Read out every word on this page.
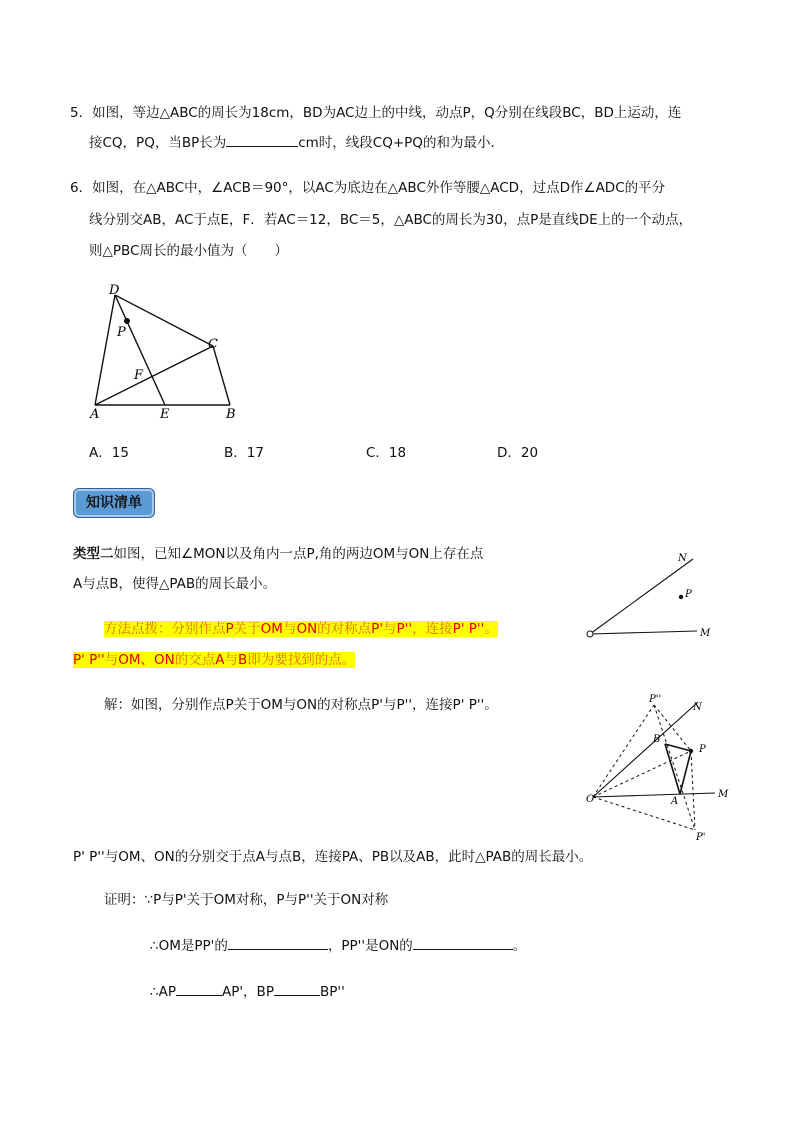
5．如图，等边△ABC的周长为18cm，BD为AC边上的中线，动点P，Q分别在线段BC，BD上运动，连
接CQ，PQ，当BP长为	cm时，线段CQ+PQ的和为最小．
6．如图，在△ABC中，∠ACB＝90°，以AC为底边在△ABC外作等腰△ACD，过点D作∠ADC的平分
线分别交AB，AC于点E，F．若AC＝12，BC＝5，△ABC的周长为30，点P是直线DE上的一个动点，
则△PBC周长的最小值为（　　）
D
P
C
F
A	E	B
A．15	B．17	C．18	D．20
知识清单
类型二如图，已知∠MON以及角内一点P,角的两边OM与ON上存在点
A与点B，使得△PAB的周长最小。
N
P
M
方法点拨：分别作点P关于OM与ON的对称点P'与P''，连接P' P''。
P' P''与OM、ON的交点A与B即为要找到的点。
解：如图，分别作点P关于OM与ON的对称点P'与P''，连接P' P''。	P''
N
B
P
O	A
M
P'
P' P''与OM、ON的分别交于点A与点B，连接PA、PB以及AB，此时△PAB的周长最小。
证明：∵P与P'关于OM对称，P与P''关于ON对称
∴OM是PP'的	，PP''是ON的	。
∴AP	AP'，BP	BP''
